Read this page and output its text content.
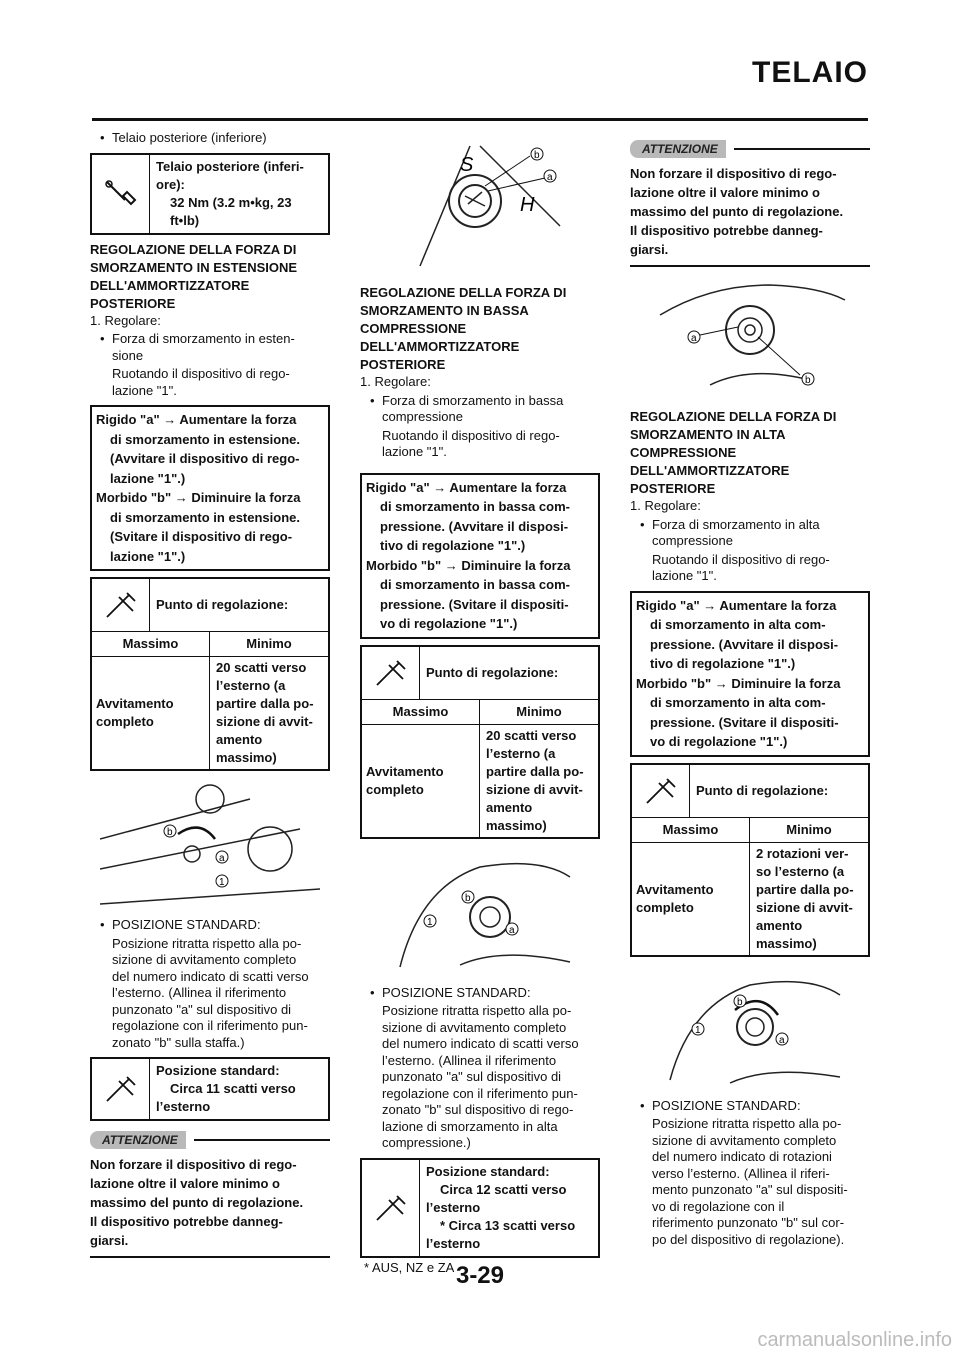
TELAIO
• Telaio posteriore (inferiore)
Telaio posteriore (inferi-
ore):
32 Nm (3.2 m•kg, 23
ft•lb)
REGOLAZIONE DELLA FORZA DI
SMORZAMENTO IN ESTENSIONE
DELL'AMMORTIZZATORE
POSTERIORE
1. Regolare:
• Forza di smorzamento in esten-
sione
Ruotando il dispositivo di rego-
lazione "1".
Rigido "a" → Aumentare la forza
di smorzamento in estensione.
(Avvitare il dispositivo di rego-
lazione "1".)
Morbido "b" → Diminuire la forza
di smorzamento in estensione.
(Svitare il dispositivo di rego-
lazione "1".)
Punto di regolazione:
Massimo	Minimo
Avvitamento
completo
20 scatti verso
l’esterno (a
partire dalla po-
sizione di avvit-
amento
massimo)
b
a
1
• POSIZIONE STANDARD:
Posizione ritratta rispetto alla po-
sizione di avvitamento completo
del numero indicato di scatti verso
l’esterno. (Allinea il riferimento
punzonato "a" sul dispositivo di
regolazione con il riferimento pun-
zonato "b" sulla staffa.)
Posizione standard:
Circa 11 scatti verso
l’esterno
ATTENZIONE
Non forzare il dispositivo di rego-
lazione oltre il valore minimo o
massimo del punto di regolazione.
Il dispositivo potrebbe danneg-
giarsi.
S
H
b
a
REGOLAZIONE DELLA FORZA DI
SMORZAMENTO IN BASSA
COMPRESSIONE
DELL'AMMORTIZZATORE
POSTERIORE
1. Regolare:
• Forza di smorzamento in bassa
compressione
Ruotando il dispositivo di rego-
lazione "1".
Rigido "a" → Aumentare la forza
di smorzamento in bassa com-
pressione. (Avvitare il disposi-
tivo di regolazione "1".)
Morbido "b" → Diminuire la forza
di smorzamento in bassa com-
pressione. (Svitare il dispositi-
vo di regolazione "1".)
Punto di regolazione:
Massimo	Minimo
Avvitamento
completo
20 scatti verso
l’esterno (a
partire dalla po-
sizione di avvit-
amento
massimo)
b
a
1
• POSIZIONE STANDARD:
Posizione ritratta rispetto alla po-
sizione di avvitamento completo
del numero indicato di scatti verso
l’esterno. (Allinea il riferimento
punzonato "a" sul dispositivo di
regolazione con il riferimento pun-
zonato "b" sul dispositivo di rego-
lazione di smorzamento in alta
compressione.)
Posizione standard:
Circa 12 scatti verso
l’esterno
* Circa 13 scatti verso
l’esterno
* AUS, NZ e ZA
ATTENZIONE
Non forzare il dispositivo di rego-
lazione oltre il valore minimo o
massimo del punto di regolazione.
Il dispositivo potrebbe danneg-
giarsi.
a
b
REGOLAZIONE DELLA FORZA DI
SMORZAMENTO IN ALTA
COMPRESSIONE
DELL'AMMORTIZZATORE
POSTERIORE
1. Regolare:
• Forza di smorzamento in alta
compressione
Ruotando il dispositivo di rego-
lazione "1".
Rigido "a" → Aumentare la forza
di smorzamento in alta com-
pressione. (Avvitare il disposi-
tivo di regolazione "1".)
Morbido "b" → Diminuire la forza
di smorzamento in alta com-
pressione. (Svitare il dispositi-
vo di regolazione "1".)
Punto di regolazione:
Massimo	Minimo
Avvitamento
completo
2 rotazioni ver-
so l’esterno (a
partire dalla po-
sizione di avvit-
amento
massimo)
b
a
1
• POSIZIONE STANDARD:
Posizione ritratta rispetto alla po-
sizione di avvitamento completo
del numero indicato di rotazioni
verso l’esterno. (Allinea il riferi-
mento punzonato "a" sul dispositi-
vo di regolazione con il
riferimento punzonato "b" sul cor-
po del dispositivo di regolazione).
3-29
carmanualsonline.info
